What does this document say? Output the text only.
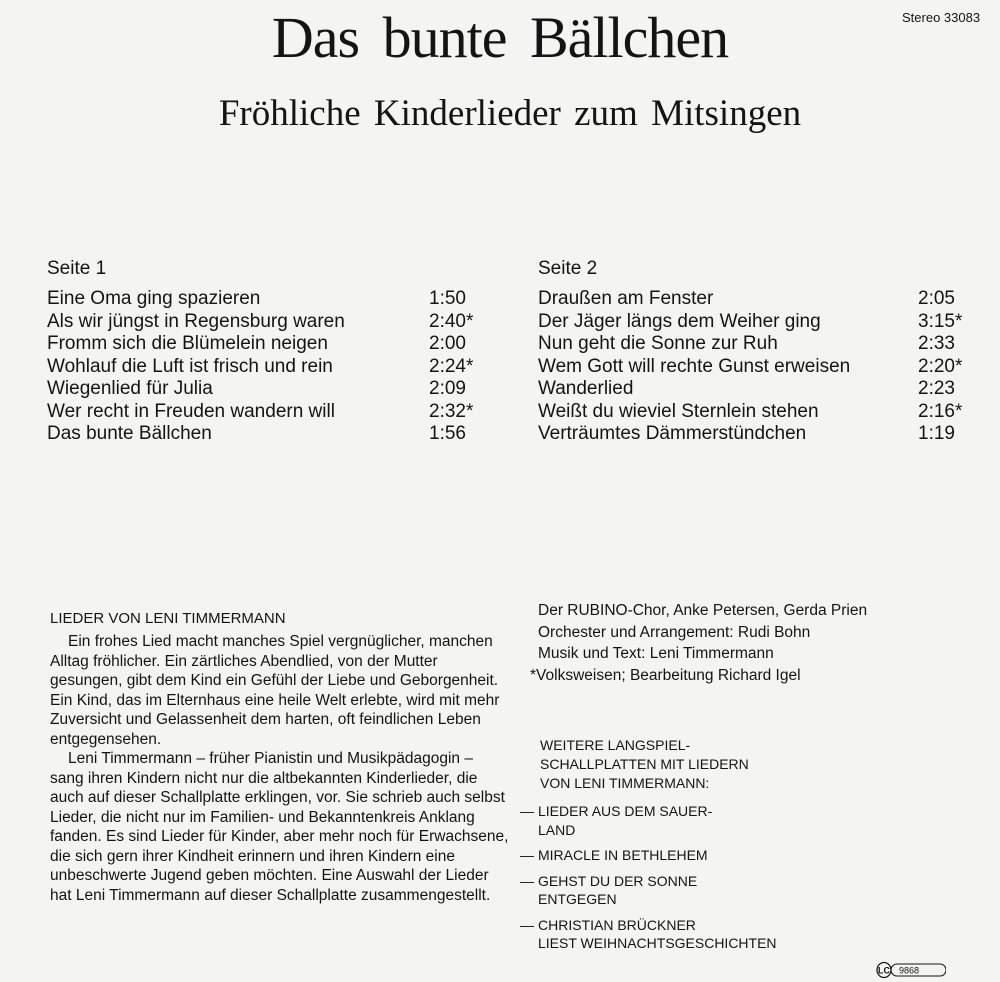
Stereo 33083
Das bunte Bällchen
Fröhliche Kinderlieder zum Mitsingen
Seite 1
Eine Oma ging spazieren	1:50
Als wir jüngst in Regensburg waren	2:40*
Fromm sich die Blümelein neigen	2:00
Wohlauf die Luft ist frisch und rein	2:24*
Wiegenlied für Julia	2:09
Wer recht in Freuden wandern will	2:32*
Das bunte Bällchen	1:56
Seite 2
Draußen am Fenster	2:05
Der Jäger längs dem Weiher ging	3:15*
Nun geht die Sonne zur Ruh	2:33
Wem Gott will rechte Gunst erweisen	2:20*
Wanderlied	2:23
Weißt du wieviel Sternlein stehen	2:16*
Verträumtes Dämmerstündchen	1:19
LIEDER VON LENI TIMMERMANN

Ein frohes Lied macht manches Spiel vergnüglicher, manchen Alltag fröhlicher. Ein zärtliches Abendlied, von der Mutter gesungen, gibt dem Kind ein Gefühl der Liebe und Geborgenheit. Ein Kind, das im Elternhaus eine heile Welt erlebte, wird mit mehr Zuversicht und Gelassenheit dem harten, oft feindlichen Leben entgegensehen.

Leni Timmermann – früher Pianistin und Musikpädagogin – sang ihren Kindern nicht nur die altbekannten Kinderlieder, die auch auf dieser Schallplatte erklingen, vor. Sie schrieb auch selbst Lieder, die nicht nur im Familien- und Bekanntenkreis Anklang fanden. Es sind Lieder für Kinder, aber mehr noch für Erwachsene, die sich gern ihrer Kindheit erinnern und ihren Kindern eine unbeschwerte Jugend geben möchten. Eine Auswahl der Lieder hat Leni Timmermann auf dieser Schallplatte zusammengestellt.

Der RUBINO-Chor, Anke Petersen, Gerda Prien
Orchester und Arrangement: Rudi Bohn
Musik und Text: Leni Timmermann
*Volksweisen; Bearbeitung Richard Igel
WEITERE LANGSPIEL-
SCHALLPLATTEN MIT LIEDERN
VON LENI TIMMERMANN:
— LIEDER AUS DEM SAUER-
LAND
— MIRACLE IN BETHLEHEM
— GEHST DU DER SONNE
ENTGEGEN
— CHRISTIAN BRÜCKNER
LIEST WEIHNACHTSGESCHICHTEN
LC 9868
